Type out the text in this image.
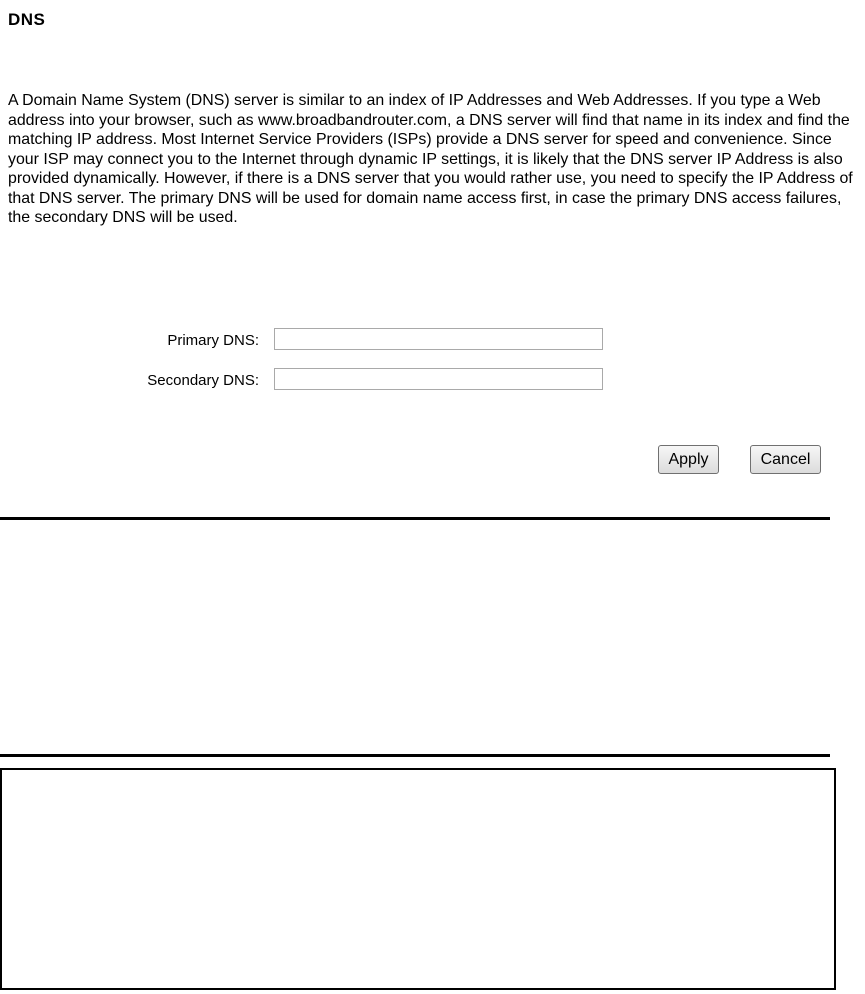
DNS

A Domain Name System (DNS) server is similar to an index of IP Addresses and Web Addresses. If you type a Web address into your browser, such as www.broadbandrouter.com, a DNS server will find that name in its index and find the matching IP address. Most Internet Service Providers (ISPs) provide a DNS server for speed and convenience. Since your ISP may connect you to the Internet through dynamic IP settings, it is likely that the DNS server IP Address is also provided dynamically. However, if there is a DNS server that you would rather use, you need to specify the IP Address of that DNS server. The primary DNS will be used for domain name access first, in case the primary DNS access failures, the secondary DNS will be used.

Primary DNS:
Secondary DNS:
Apply	Cancel
